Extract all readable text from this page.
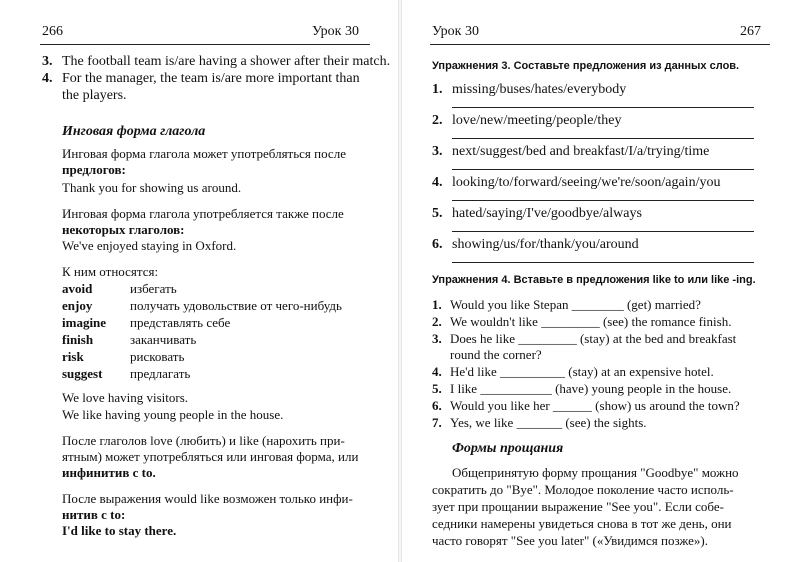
266	Урок 30
3. The football team is/are having a shower after their match.
4. For the manager, the team is/are more important than
the players.
Инговая форма глагола
Инговая форма глагола может употребляться после
предлогов:
Thank you for showing us around.
Инговая форма глагола употребляется также после
некоторых глаголов:
We've enjoyed staying in Oxford.
К ним относятся:
avoid	избегать
enjoy	получать удовольствие от чего-нибудь
imagine представлять себе
finish	заканчивать
risk	рисковать
suggest предлагать
We love having visitors.
We like having young people in the house.
После глаголов love (любить) и like (нарохить при-
ятным) может употребляться или инговая форма, или
инфинитив с to.
После выражения would like возможен только инфи-
нитив с to:
I'd like to stay there.
Урок 30	267
Упражнения 3. Составьте предложения из данных слов.
1. missing/buses/hates/everybody
2. love/new/meeting/people/they
3. next/suggest/bed and breakfast/I/a/trying/time
4. looking/to/forward/seeing/we're/soon/again/you
5. hated/saying/I've/goodbye/always
6. showing/us/for/thank/you/around
Упражнения 4. Вставьте в предложения like to или like -ing.
1. Would you like Stepan ________ (get) married?
2. We wouldn't like _________ (see) the romance finish.
3. Does he like _________ (stay) at the bed and breakfast
round the corner?
4. He'd like __________ (stay) at an expensive hotel.
5. I like ___________ (have) young people in the house.
6. Would you like her ______ (show) us around the town?
7. Yes, we like _______ (see) the sights.
Формы прощания
Общепринятую форму прощания "Goodbye" можно
сократить до "Bye". Молодое поколение часто исполь-
зует при прощании выражение "See you". Если собе-
седники намерены увидеться снова в тот же день, они
часто говорят "See you later" («Увидимся позже»).
